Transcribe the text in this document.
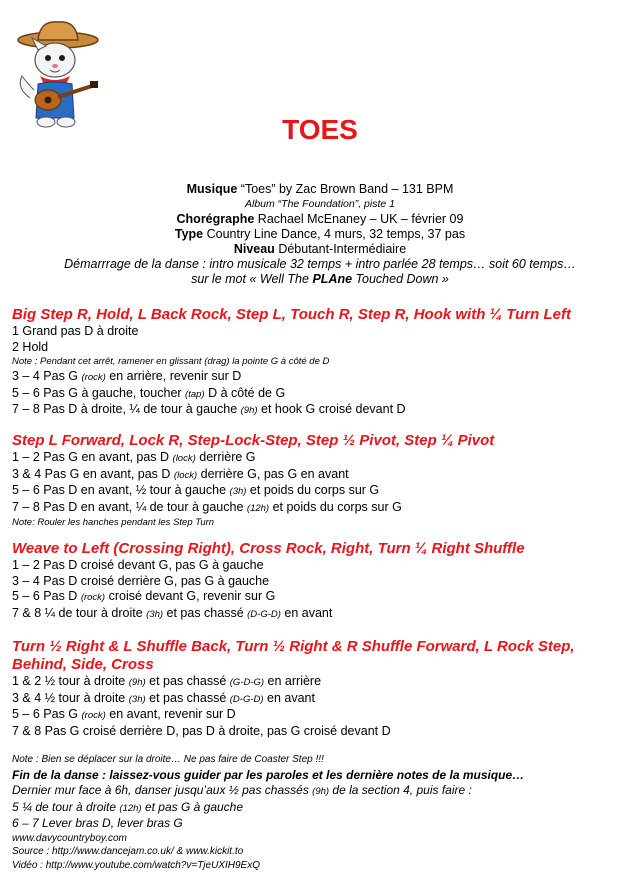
TOES
Musique “Toes” by Zac Brown Band – 131 BPM
Album “The Foundation”, piste 1
Chorégraphe Rachael McEnaney – UK – février 09
Type Country Line Dance, 4 murs, 32 temps, 37 pas
Niveau Débutant-Intermédiaire
Démarrrage de la danse : intro musicale 32 temps + intro parlée 28 temps… soit 60 temps…
sur le mot « Well The PLAne Touched Down »
Big Step R, Hold, L Back Rock, Step L, Touch R, Step R, Hook with ¼ Turn Left
1 Grand pas D à droite
2 Hold
Note : Pendant cet arrêt, ramener en glissant (drag) la pointe G à côté de D
3 – 4 Pas G (rock) en arrière, revenir sur D
5 – 6 Pas G à gauche, toucher (tap) D à côté de G
7 – 8 Pas D à droite, ¼ de tour à gauche (9h) et hook G croisé devant D
Step L Forward, Lock R, Step-Lock-Step, Step ½ Pivot, Step ¼ Pivot
1 – 2 Pas G en avant, pas D (lock) derrière G
3 & 4 Pas G en avant, pas D (lock) derrière G, pas G en avant
5 – 6 Pas D en avant, ½ tour à gauche (3h) et poids du corps sur G
7 – 8 Pas D en avant, ¼ de tour à gauche (12h) et poids du corps sur G
Note: Rouler les hanches pendant les Step Turn
Weave to Left (Crossing Right), Cross Rock, Right, Turn ¼ Right Shuffle
1 – 2 Pas D croisé devant G, pas G à gauche
3 – 4 Pas D croisé derrière G, pas G à gauche
5 – 6 Pas D (rock) croisé devant G, revenir sur G
7 & 8 ¼ de tour à droite (3h) et pas chassé (D-G-D) en avant
Turn ½ Right & L Shuffle Back, Turn ½ Right & R Shuffle Forward, L Rock Step,
Behind, Side, Cross
1 & 2 ½ tour à droite (9h) et pas chassé (G-D-G) en arrière
3 & 4 ½ tour à droite (3h) et pas chassé (D-G-D) en avant
5 – 6 Pas G (rock) en avant, revenir sur D
7 & 8 Pas G croisé derrière D, pas D à droite, pas G croisé devant D
Note : Bien se déplacer sur la droite… Ne pas faire de Coaster Step !!!
Fin de la danse : laissez-vous guider par les paroles et les dernière notes de la musique…
Dernier mur face à 6h, danser jusqu’aux ½ pas chassés (9h) de la section 4, puis faire :
5 ¼ de tour à droite (12h) et pas G à gauche
6 – 7 Lever bras D, lever bras G
www.davycountryboy.com
Source : http://www.dancejam.co.uk/ & www.kickit.to
Vidéo : http://www.youtube.com/watch?v=TjeUXIH9ExQ
